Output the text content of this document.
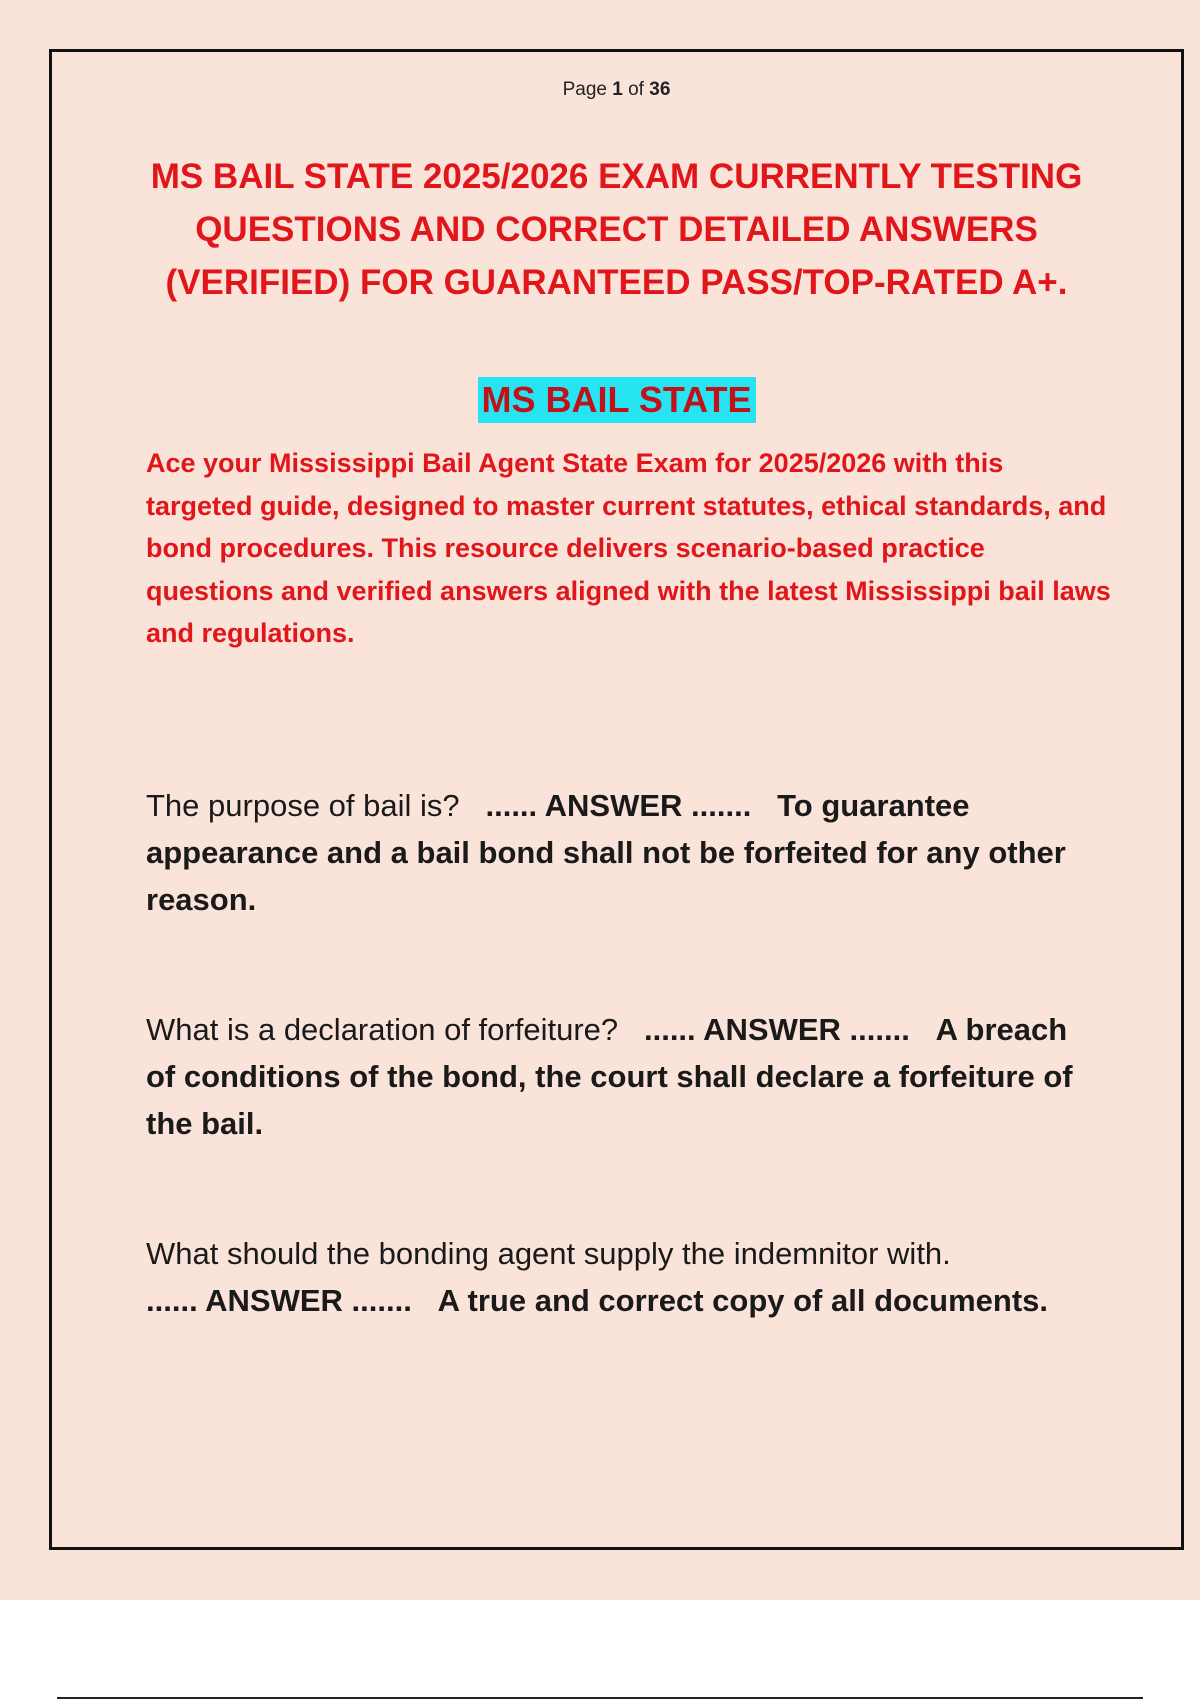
Page 1 of 36
MS BAIL STATE 2025/2026 EXAM CURRENTLY TESTING QUESTIONS AND CORRECT DETAILED ANSWERS (VERIFIED) FOR GUARANTEED PASS/TOP-RATED A+.
MS BAIL STATE
Ace your Mississippi Bail Agent State Exam for 2025/2026 with this targeted guide, designed to master current statutes, ethical standards, and bond procedures. This resource delivers scenario-based practice questions and verified answers aligned with the latest Mississippi bail laws and regulations.
The purpose of bail is? ...... ANSWER ....... To guarantee appearance and a bail bond shall not be forfeited for any other reason.
What is a declaration of forfeiture? ...... ANSWER ....... A breach of conditions of the bond, the court shall declare a forfeiture of the bail.
What should the bonding agent supply the indemnitor with.
...... ANSWER ....... A true and correct copy of all documents.
